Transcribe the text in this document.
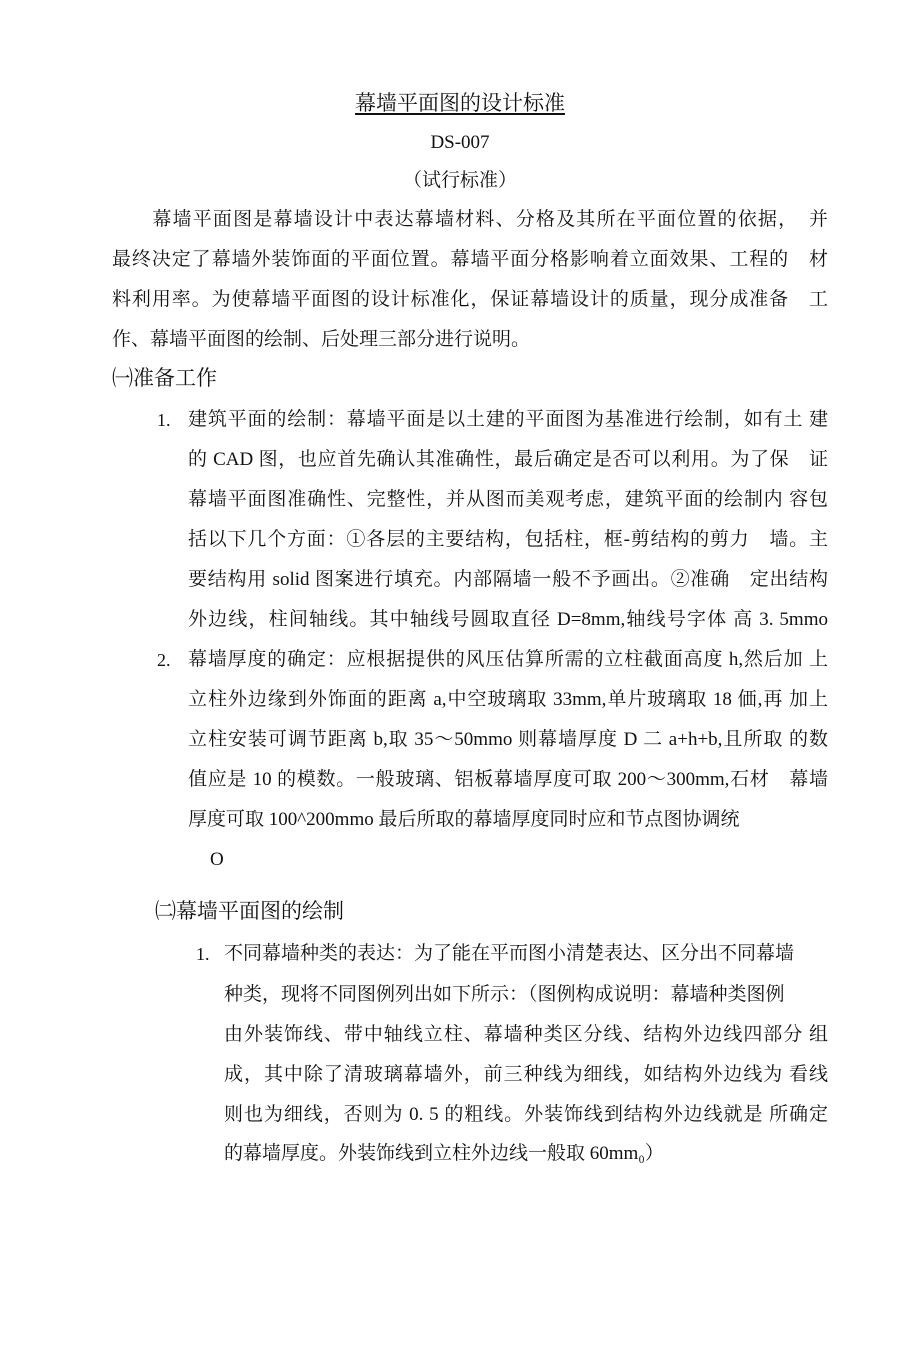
幕墙平面图的设计标准
DS-007
（试行标准）
　　幕墙平面图是幕墙设计中表达幕墙材料、分格及其所在平面位置的依据，　并
最终决定了幕墙外装饰面的平面位置。幕墙平面分格影响着立面效果、工程的　材
料利用率。为使幕墙平面图的设计标准化，保证幕墙设计的质量，现分成准备　工
作、幕墙平面图的绘制、后处理三部分进行说明。
㈠准备工作
1. 建筑平面的绘制：幕墙平面是以土建的平面图为基准进行绘制，如有土 建
的 CAD 图，也应首先确认其准确性，最后确定是否可以利用。为了保　证
幕墙平面图准确性、完整性，并从图而美观考虑，建筑平面的绘制内 容包
括以下几个方面：①各层的主要结构，包括柱，框-剪结构的剪力　墙。主
要结构用 solid 图案进行填充。内部隔墙一般不予画出。②准确　定出结构
外边线，柱间轴线。其中轴线号圆取直径 D=8mm,轴线号字体 高 3. 5mmo
2. 幕墙厚度的确定：应根据提供的风压估算所需的立柱截面高度 h,然后加 上
立柱外边缘到外饰面的距离 a,中空玻璃取 33mm,单片玻璃取 18 価,再 加上
立柱安装可调节距离 b,取 35～50mmo 则幕墙厚度 D 二 a+h+b,且所取 的数
值应是 10 的模数。一般玻璃、铝板幕墙厚度可取 200～300mm,石材　幕墙
厚度可取 100^200mmo 最后所取的幕墙厚度同时应和节点图协调统
O
㈡幕墙平面图的绘制
1. 不同幕墙种类的表达：为了能在平而图小清楚表达、区分出不同幕墙
种类，现将不同图例列出如下所示：（图例构成说明：幕墙种类图例
由外装饰线、带中轴线立柱、幕墙种类区分线、结构外边线四部分 组
成，其中除了清玻璃幕墙外，前三种线为细线，如结构外边线为 看线
则也为细线，否则为 0. 5 的粗线。外装饰线到结构外边线就是 所确定
的幕墙厚度。外装饰线到立柱外边线一般取 60mm₀）
